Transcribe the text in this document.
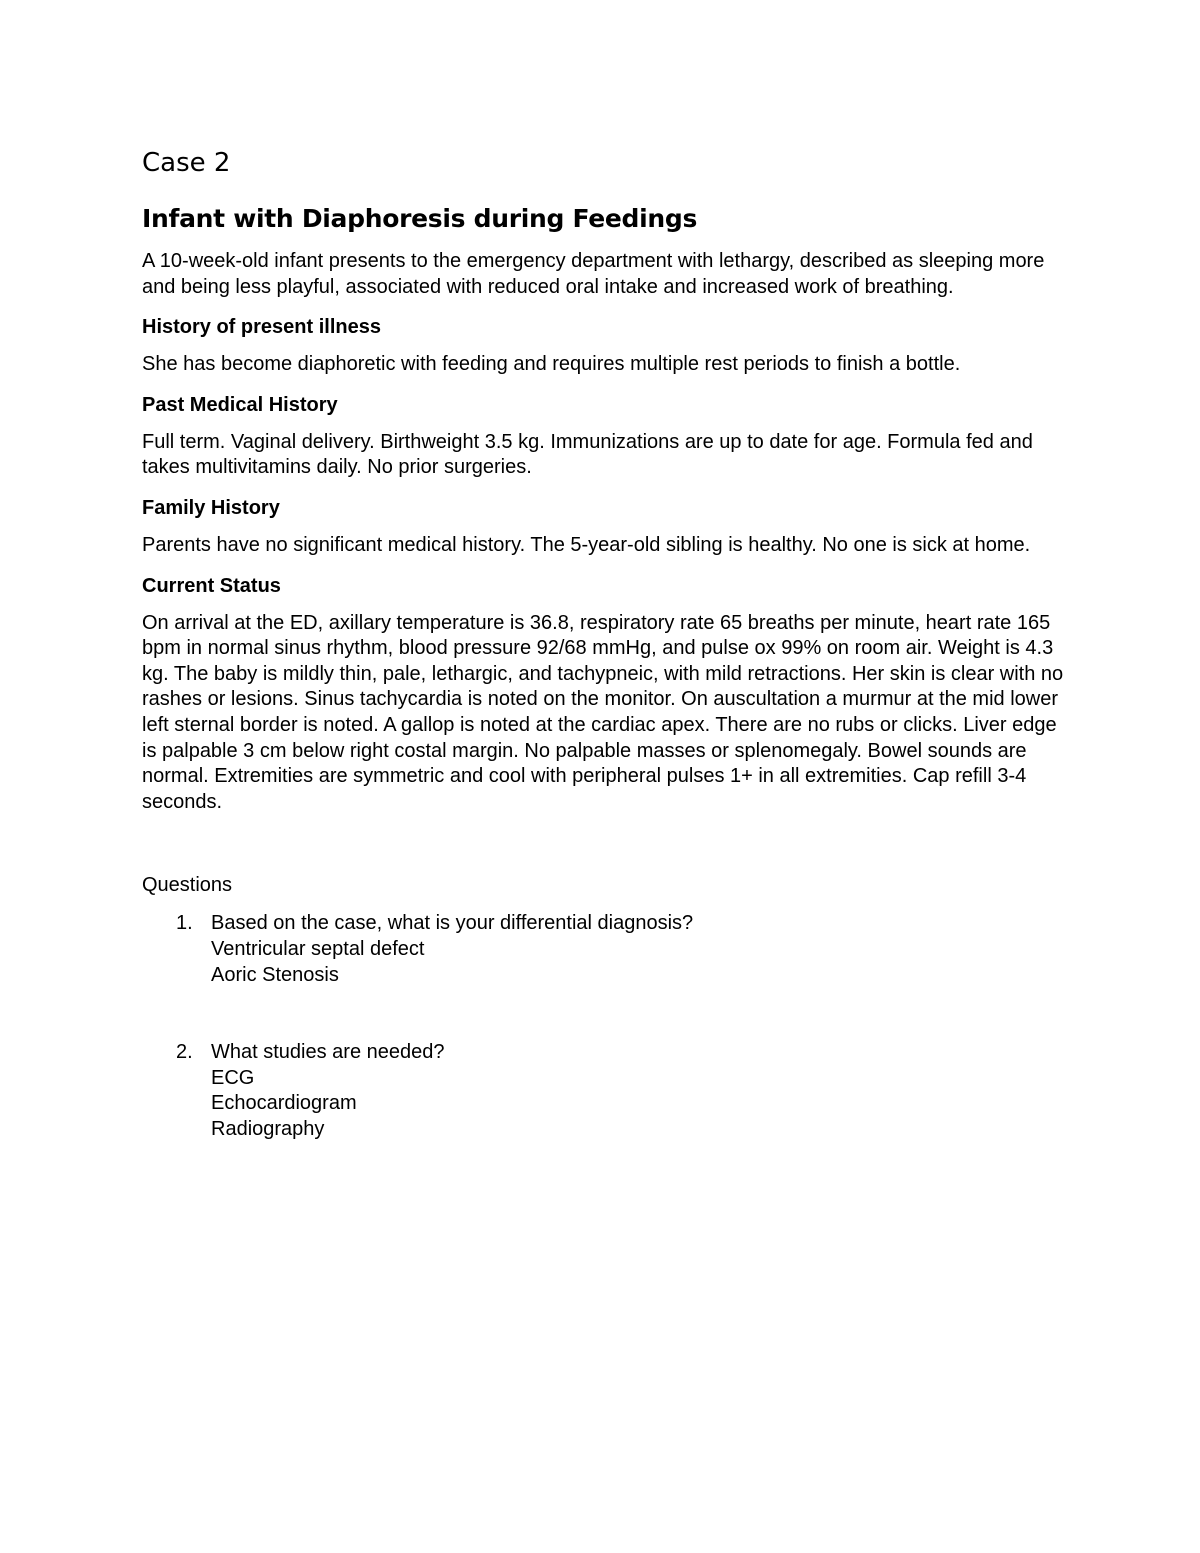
Case 2
Infant with Diaphoresis during Feedings

A 10-week-old infant presents to the emergency department with lethargy, described as sleeping more and being less playful, associated with reduced oral intake and increased work of breathing.

History of present illness

She has become diaphoretic with feeding and requires multiple rest periods to finish a bottle.

Past Medical History

Full term. Vaginal delivery. Birthweight 3.5 kg. Immunizations are up to date for age. Formula fed and takes multivitamins daily. No prior surgeries.

Family History

Parents have no significant medical history. The 5-year-old sibling is healthy. No one is sick at home.

Current Status

On arrival at the ED, axillary temperature is 36.8, respiratory rate 65 breaths per minute, heart rate 165 bpm in normal sinus rhythm, blood pressure 92/68 mmHg, and pulse ox 99% on room air. Weight is 4.3 kg. The baby is mildly thin, pale, lethargic, and tachypneic, with mild retractions. Her skin is clear with no rashes or lesions. Sinus tachycardia is noted on the monitor. On auscultation a murmur at the mid lower left sternal border is noted. A gallop is noted at the cardiac apex. There are no rubs or clicks. Liver edge is palpable 3 cm below right costal margin. No palpable masses or splenomegaly. Bowel sounds are normal. Extremities are symmetric and cool with peripheral pulses 1+ in all extremities. Cap refill 3-4 seconds.

Questions

1. Based on the case, what is your differential diagnosis?

Ventricular septal defect

Aoric Stenosis

2. What studies are needed?

ECG

Echocardiogram

Radiography
